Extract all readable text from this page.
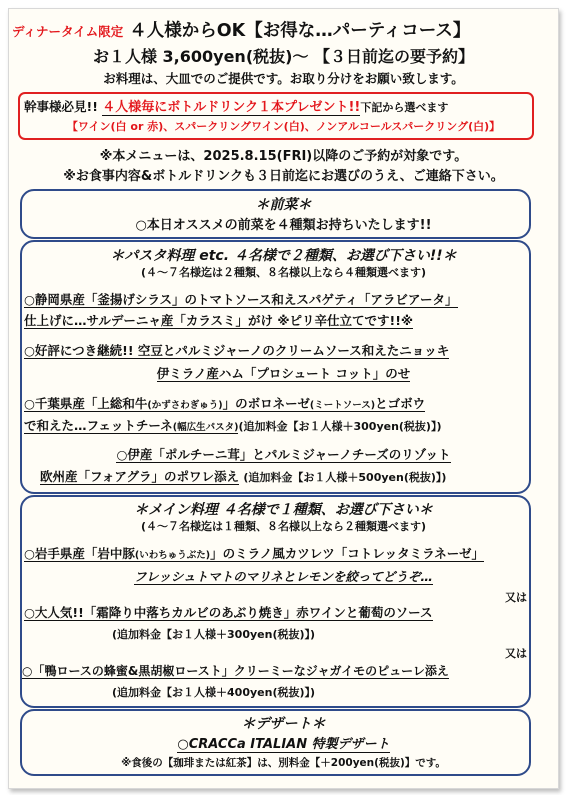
ディナータイム限定 ４人様からOK【お得な…パーティコース】
お１人様 3,600yen(税抜)～ 【３日前迄の要予約】
お料理は、大皿でのご提供です。お取り分けをお願い致します。
幹事様必見!! ４人様毎にボトルドリンク１本プレゼント!!下記から選べます
【ワイン(白 or 赤)、スパークリングワイン(白)、ノンアルコールスパークリング(白)】
※本メニューは、2025.8.15(FRI)以降のご予約が対象です。
※お食事内容&ボトルドリンクも３日前迄にお選びのうえ、ご連絡下さい。
＊前菜＊
○本日オススメの前菜を４種類お持ちいたします!!
＊パスタ料理 etc. ４名様で２種類、お選び下さい!!＊
(４～７名様迄は２種類、８名様以上なら４種類選べます)
○静岡県産「釜揚げシラス」のトマトソース和えスパゲティ「アラビアータ」
仕上げに…サルデーニャ産「カラスミ」がけ ※ピリ辛仕立てです!!※
○好評につき継続!! 空豆とパルミジャーノのクリームソース和えたニョッキ
伊ミラノ産ハム「プロシュート コット」のせ
○千葉県産「上総和牛(かずさわぎゅう)」のボロネーゼ(ミートソース)とゴボウ
で和えた…フェットチーネ(幅広生パスタ)(追加料金【お１人様＋300yen(税抜)】)
○伊産「ポルチーニ茸」とパルミジャーノチーズのリゾット
欧州産「フォアグラ」のポワレ添え (追加料金【お１人様＋500yen(税抜)】)
＊メイン料理 ４名様で１種類、お選び下さい＊
(４～７名様迄は１種類、８名様以上なら２種類選べます)
○岩手県産「岩中豚(いわちゅうぶた)」のミラノ風カツレツ「コトレッタミラネーゼ」
フレッシュトマトのマリネとレモンを絞ってどうぞ…
又は
○大人気!!「霜降り中落ちカルビのあぶり焼き」赤ワインと葡萄のソース
(追加料金【お１人様＋300yen(税抜)】)
又は
○「鴨ロースの蜂蜜&黒胡椒ロースト」クリーミーなジャガイモのピューレ添え
(追加料金【お１人様＋400yen(税抜)】)
＊デザート＊
○CRACCa ITALIAN 特製デザート
※食後の【珈琲または紅茶】は、別料金【＋200yen(税抜)】です。
